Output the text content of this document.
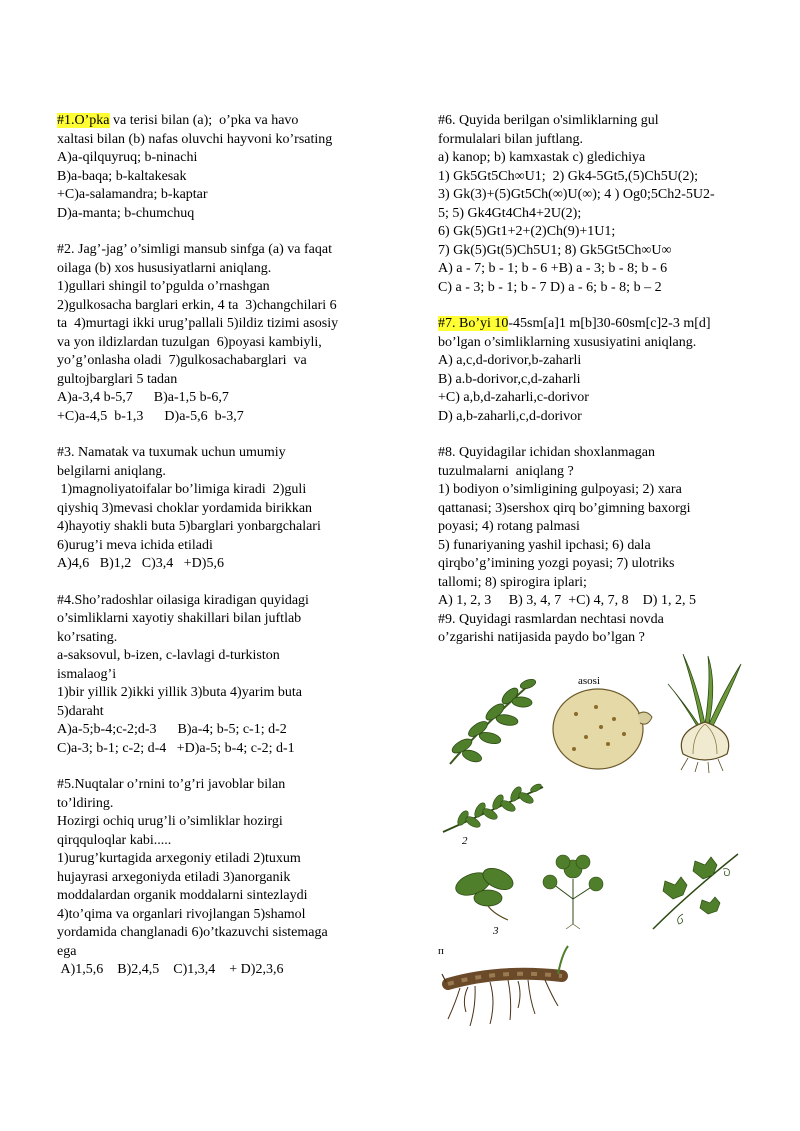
#1.O’pka va terisi bilan (a);  o’pka va havo
xaltasi bilan (b) nafas oluvchi hayvoni ko’rsating
A)a-qilquyruq; b-ninachi
B)a-baqa; b-kaltakesak
+C)a-salamandra; b-kaptar
D)a-manta; b-chumchuq
#2. Jag’-jag’ o’simligi mansub sinfga (a) va faqat
oilaga (b) xos hususiyatlarni aniqlang.
1)gullari shingil to’pgulda o’rnashgan
2)gulkosacha barglari erkin, 4 ta  3)changchilari 6
ta  4)murtagi ikki urug’pallali 5)ildiz tizimi asosiy
va yon ildizlardan tuzulgan  6)poyasi kambiyli,
yo’g’onlasha oladi  7)gulkosachabarglari  va
gultojbarglari 5 tadan
A)a-3,4 b-5,7      B)a-1,5 b-6,7
+C)a-4,5  b-1,3      D)a-5,6  b-3,7
#3. Namatak va tuxumak uchun umumiy
belgilarni aniqlang.
1)magnoliyatoifalar bo’limiga kiradi  2)guli
qiyshiq 3)mevasi choklar yordamida birikkan
4)hayotiy shakli buta 5)barglari yonbargchalari
6)urug’i meva ichida etiladi
A)4,6   B)1,2   C)3,4   +D)5,6
#4.Sho’radoshlar oilasiga kiradigan quyidagi
o’simliklarni xayotiy shakillari bilan juftlab
ko’rsating.
a-saksovul, b-izen, c-lavlagi d-turkiston
ismalaog’i
1)bir yillik 2)ikki yillik 3)buta 4)yarim buta
5)daraht
A)a-5;b-4;c-2;d-3      B)a-4; b-5; c-1; d-2
C)a-3; b-1; c-2; d-4   +D)a-5; b-4; c-2; d-1
#5.Nuqtalar o’rnini to’g’ri javoblar bilan
to’ldiring.
Hozirgi ochiq urug’li o’simliklar hozirgi
qirqquloqlar kabi.....
1)urug’kurtagida arxegoniy etiladi 2)tuxum
hujayrasi arxegoniyda etiladi 3)anorganik
moddalardan organik moddalarni sintezlaydi
4)to’qima va organlari rivojlangan 5)shamol
yordamida changlanadi 6)o’tkazuvchi sistemaga
ega
A)1,5,6    B)2,4,5    C)1,3,4    + D)2,3,6
#6. Quyida berilgan o'simliklarning gul
formulalari bilan juftlang.
a) kanop; b) kamxastak c) gledichiya
1) Gk5Gt5Ch∞U1;  2) Gk4-5Gt5,(5)Ch5U(2);
3) Gk(3)+(5)Gt5Ch(∞)U(∞); 4 ) Og0;5Ch2-5U2-
5; 5) Gk4Gt4Ch4+2U(2);
6) Gk(5)Gt1+2+(2)Ch(9)+1U1;
7) Gk(5)Gt(5)Ch5U1; 8) Gk5Gt5Ch∞U∞
A) a - 7; b - 1; b - 6 +B) a - 3; b - 8; b - 6
C) a - 3; b - 1; b - 7 D) a - 6; b - 8; b – 2
#7. Bo’yi 10-45sm[a]1 m[b]30-60sm[c]2-3 m[d]
bo’lgan o’simliklarning xususiyatini aniqlang.
A) a,c,d-dorivor,b-zaharli
B) a.b-dorivor,c,d-zaharli
+C) a,b,d-zaharli,c-dorivor
D) a,b-zaharli,c,d-dorivor
#8. Quyidagilar ichidan shoxlanmagan
tuzulmalarni  aniqlang ?
1) bodiyon o’simligining gulpoyasi; 2) xara
qattanasi; 3)sershox qirq bo’gimning baxorgi
poyasi; 4) rotang palmasi
5) funariyaning yashil ipchasi; 6) dala
qirqbo’g’imining yozgi poyasi; 7) ulotriks
tallomi; 8) spirogira iplari;
A) 1, 2, 3     B) 3, 4, 7  +C) 4, 7, 8    D) 1, 2, 5
#9. Quyidagi rasmlardan nechtasi novda
o’zgarishi natijasida paydo bo’lgan ?
asosi
2
3
п
